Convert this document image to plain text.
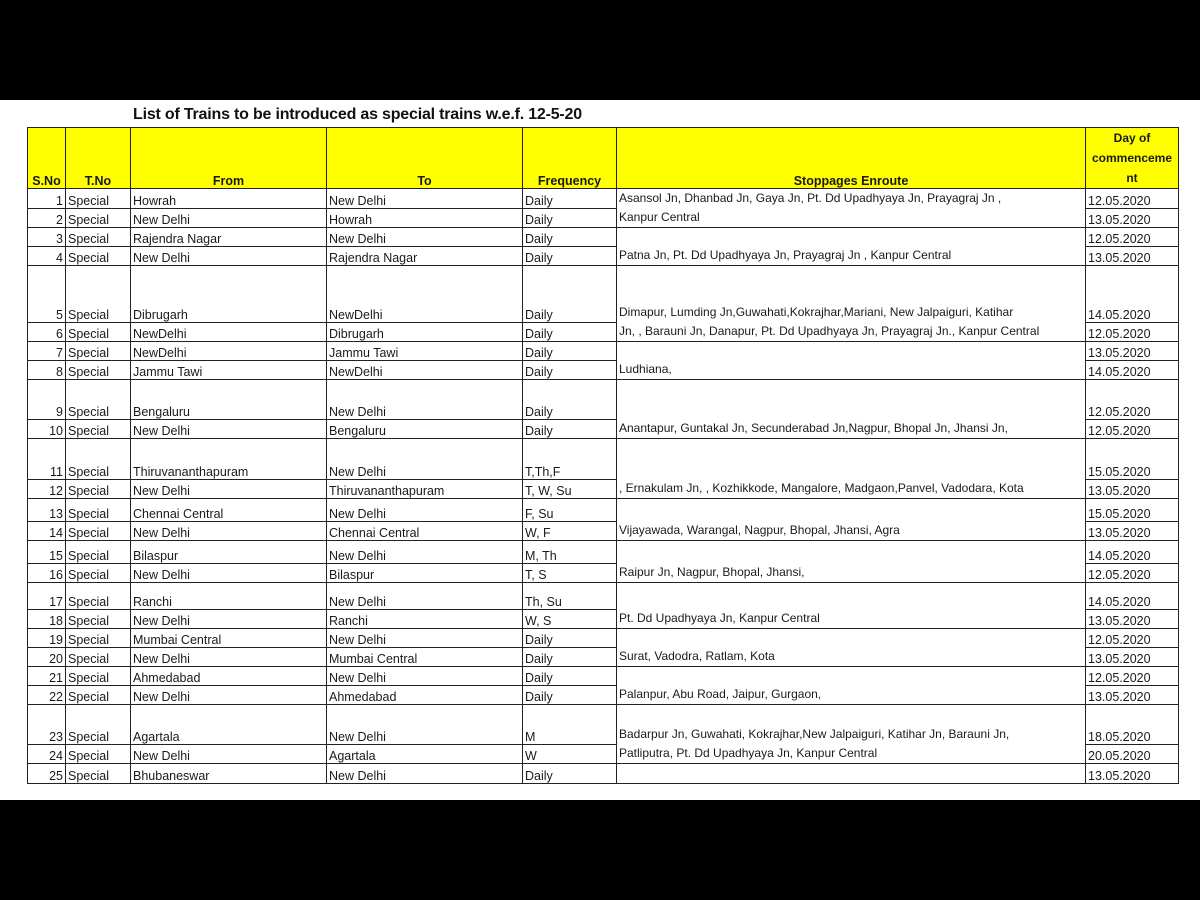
List of Trains to be introduced as special trains w.e.f. 12-5-20
S.No	T.No	From	To	Frequency	Stoppages Enroute	Day of commenceme nt
1	Special	Howrah	New Delhi	Daily	Asansol Jn, Dhanbad Jn, Gaya Jn, Pt. Dd Upadhyaya Jn, Prayagraj Jn ,
Kanpur Central	12.05.2020
2	Special	New Delhi	Howrah	Daily		13.05.2020
3	Special	Rajendra Nagar	New Delhi	Daily	Patna Jn, Pt. Dd Upadhyaya Jn, Prayagraj Jn , Kanpur Central	12.05.2020
4	Special	New Delhi	Rajendra Nagar	Daily		13.05.2020
5	Special	Dibrugarh	NewDelhi	Daily	Dimapur, Lumding Jn,Guwahati,Kokrajhar,Mariani, New Jalpaiguri, Katihar
Jn, , Barauni Jn, Danapur, Pt. Dd Upadhyaya Jn, Prayagraj Jn., Kanpur Central	14.05.2020
6	Special	NewDelhi	Dibrugarh	Daily		12.05.2020
7	Special	NewDelhi	Jammu Tawi	Daily	Ludhiana,	13.05.2020
8	Special	Jammu Tawi	NewDelhi	Daily		14.05.2020
9	Special	Bengaluru	New Delhi	Daily	Anantapur, Guntakal Jn, Secunderabad Jn,Nagpur, Bhopal Jn, Jhansi Jn,	12.05.2020
10	Special	New Delhi	Bengaluru	Daily		12.05.2020
11	Special	Thiruvananthapuram	New Delhi	T,Th,F	, Ernakulam Jn, , Kozhikkode, Mangalore, Madgaon,Panvel, Vadodara, Kota	15.05.2020
12	Special	New Delhi	Thiruvananthapuram	T, W, Su		13.05.2020
13	Special	Chennai Central	New Delhi	F, Su	Vijayawada, Warangal, Nagpur, Bhopal, Jhansi, Agra	15.05.2020
14	Special	New Delhi	Chennai Central	W, F		13.05.2020
15	Special	Bilaspur	New Delhi	M, Th	Raipur Jn, Nagpur, Bhopal, Jhansi,	14.05.2020
16	Special	New Delhi	Bilaspur	T, S		12.05.2020
17	Special	Ranchi	New Delhi	Th, Su	Pt. Dd Upadhyaya Jn, Kanpur Central	14.05.2020
18	Special	New Delhi	Ranchi	W, S		13.05.2020
19	Special	Mumbai Central	New Delhi	Daily	Surat, Vadodra, Ratlam, Kota	12.05.2020
20	Special	New Delhi	Mumbai Central	Daily		13.05.2020
21	Special	Ahmedabad	New Delhi	Daily	Palanpur, Abu Road, Jaipur, Gurgaon,	12.05.2020
22	Special	New Delhi	Ahmedabad	Daily		13.05.2020
23	Special	Agartala	New Delhi	M	Badarpur Jn, Guwahati, Kokrajhar,New Jalpaiguri, Katihar Jn, Barauni Jn,
Patliputra, Pt. Dd Upadhyaya Jn, Kanpur Central	18.05.2020
24	Special	New Delhi	Agartala	W		20.05.2020
25	Special	Bhubaneswar	New Delhi	Daily		13.05.2020
